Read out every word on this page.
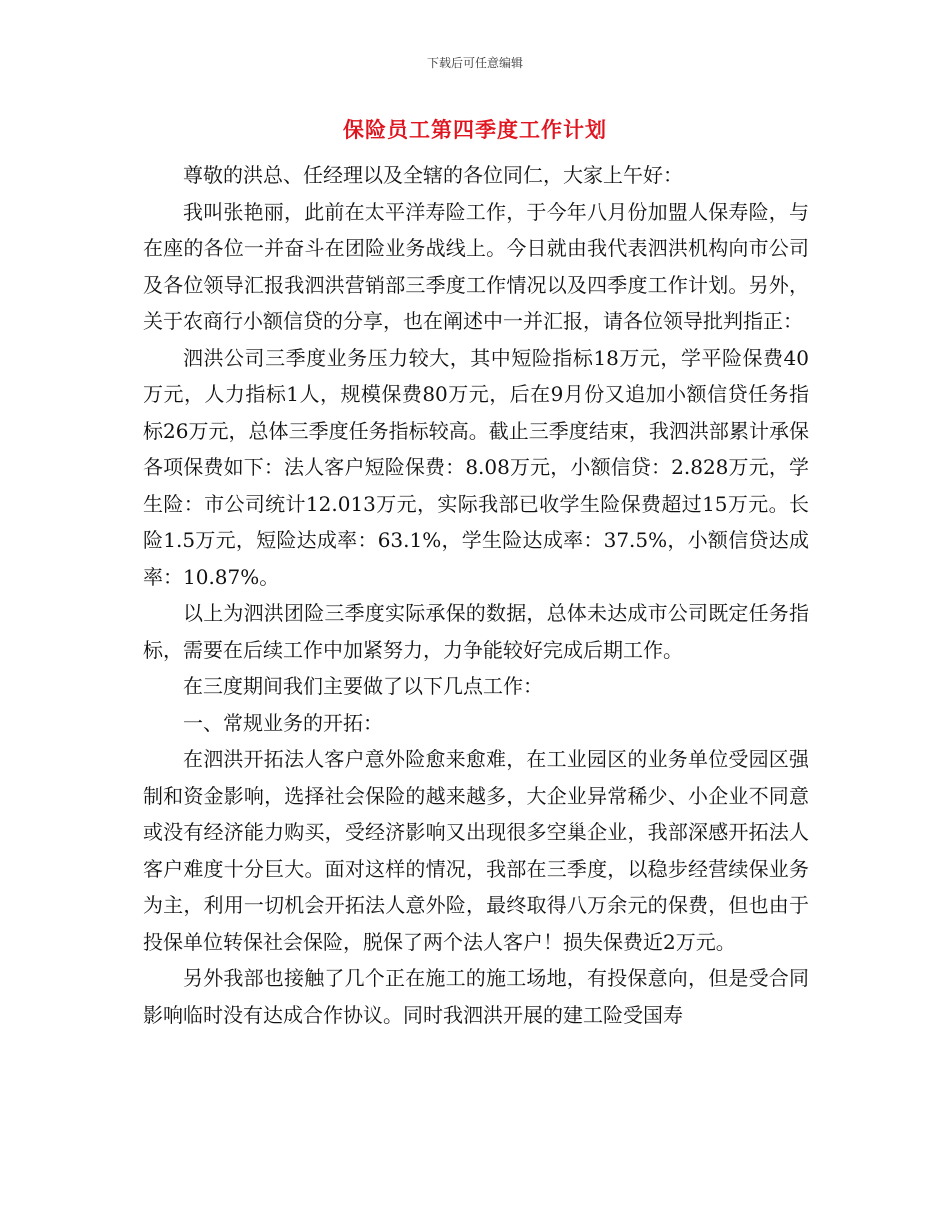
下载后可任意编辑
保险员工第四季度工作计划

尊敬的洪总、任经理以及全辖的各位同仁，大家上午好：

我叫张艳丽，此前在太平洋寿险工作，于今年八月份加盟人保寿险，与在座的各位一并奋斗在团险业务战线上。今日就由我代表泗洪机构向市公司及各位领导汇报我泗洪营销部三季度工作情况以及四季度工作计划。另外，关于农商行小额信贷的分享，也在阐述中一并汇报，请各位领导批判指正：

泗洪公司三季度业务压力较大，其中短险指标18万元，学平险保费40万元，人力指标1人，规模保费80万元，后在9月份又追加小额信贷任务指标26万元，总体三季度任务指标较高。截止三季度结束，我泗洪部累计承保各项保费如下：法人客户短险保费：8.08万元，小额信贷：2.828万元，学生险：市公司统计12.013万元，实际我部已收学生险保费超过15万元。长险1.5万元，短险达成率：63.1%，学生险达成率：37.5%，小额信贷达成率：10.87%。

以上为泗洪团险三季度实际承保的数据，总体未达成市公司既定任务指标，需要在后续工作中加紧努力，力争能较好完成后期工作。

在三度期间我们主要做了以下几点工作：

一、常规业务的开拓：

在泗洪开拓法人客户意外险愈来愈难，在工业园区的业务单位受园区强制和资金影响，选择社会保险的越来越多，大企业异常稀少、小企业不同意或没有经济能力购买，受经济影响又出现很多空巢企业，我部深感开拓法人客户难度十分巨大。面对这样的情况，我部在三季度，以稳步经营续保业务为主，利用一切机会开拓法人意外险，最终取得八万余元的保费，但也由于投保单位转保社会保险，脱保了两个法人客户！损失保费近2万元。

另外我部也接触了几个正在施工的施工场地，有投保意向，但是受合同影响临时没有达成合作协议。同时我泗洪开展的建工险受国寿
